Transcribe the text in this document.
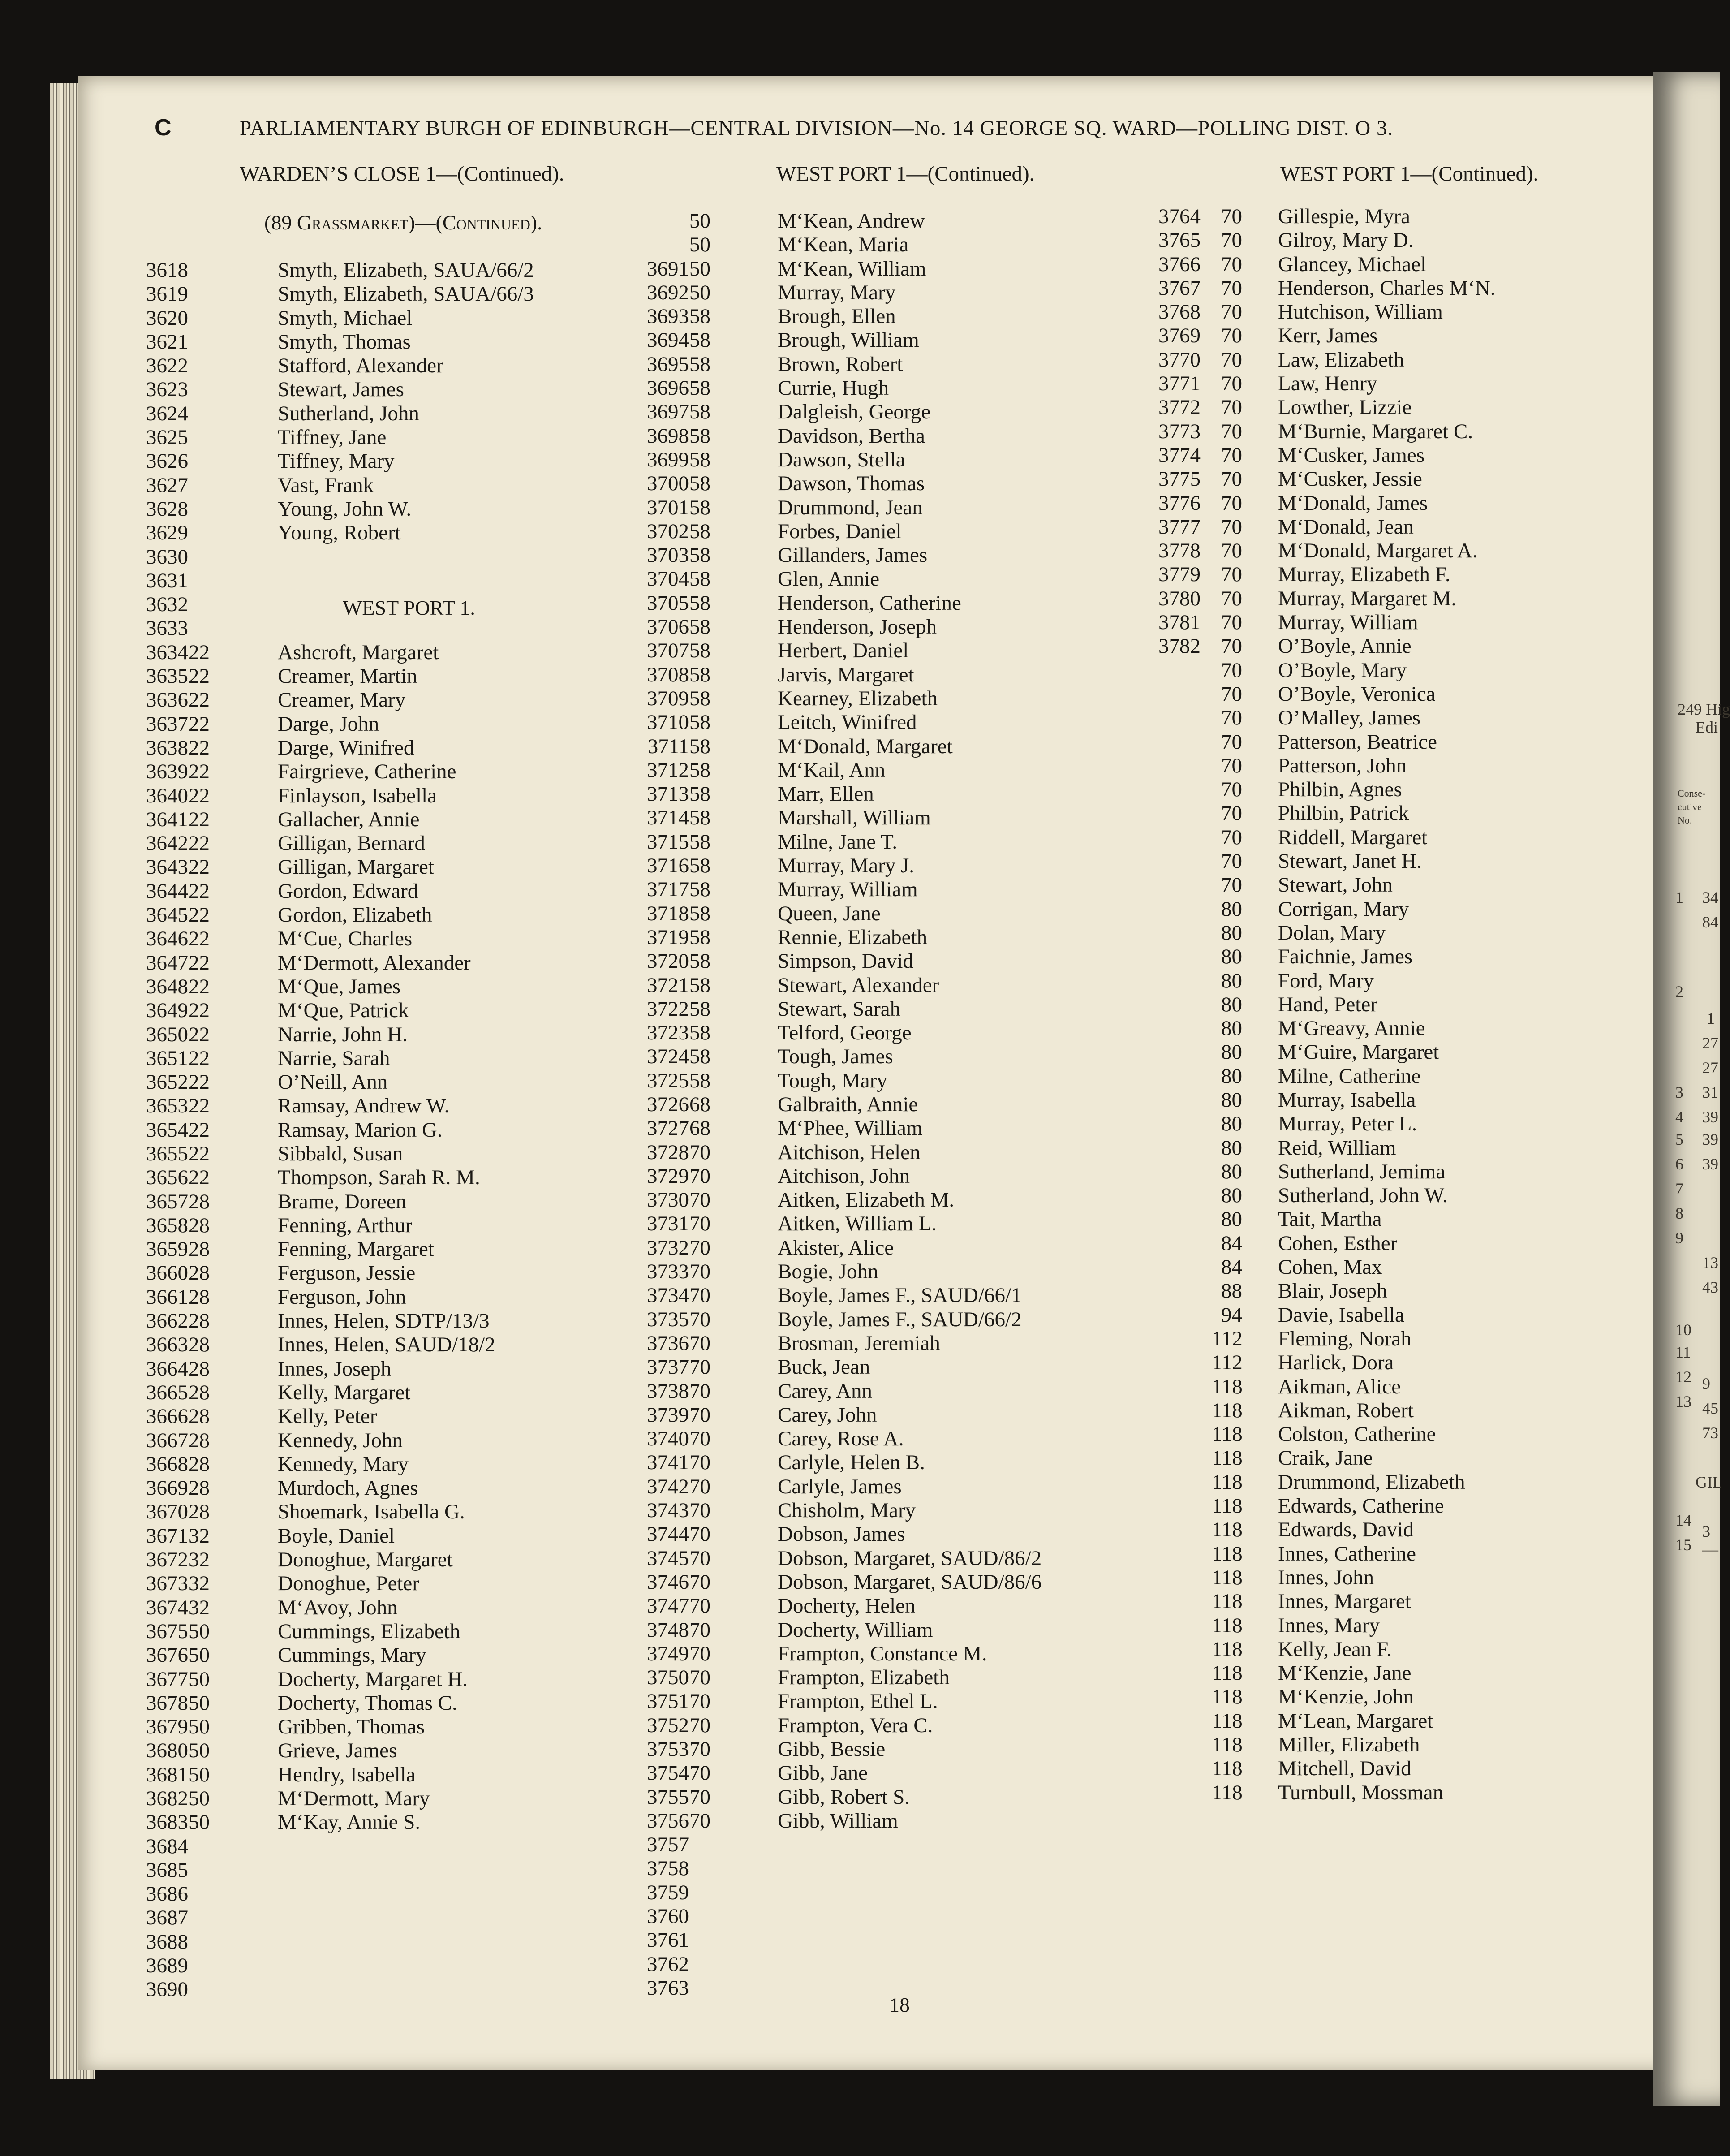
249 Hig
Edi
Conse-
cutive
No.
1 34
84
2
1
27
27
3 31
4 39
5 39
6 39
7
8
9
13
43
10
11
12 9
13 45
73
GIL
14
3
15 —
C	PARLIAMENTARY BURGH OF EDINBURGH—CENTRAL DIVISION—No. 14 GEORGE SQ. WARD—POLLING DIST. O 3.
WARDEN’S CLOSE 1—(Continued).	WEST PORT 1—(Continued).	WEST PORT 1—(Continued).
(89 Grassmarket)—(Continued).
WEST PORT 1.
3618	Smyth, Elizabeth, SAUA/66/2
3619	Smyth, Elizabeth, SAUA/66/3
3620	Smyth, Michael
3621	Smyth, Thomas
3622	Stafford, Alexander
3623	Stewart, James
3624	Sutherland, John
3625	Tiffney, Jane
3626	Tiffney, Mary
3627	Vast, Frank
3628	Young, John W.
3629	Young, Robert
3630
3631
3632
3633
3634 22	Ashcroft, Margaret
3635 22	Creamer, Martin
3636 22	Creamer, Mary
3637 22	Darge, John
3638 22	Darge, Winifred
3639 22	Fairgrieve, Catherine
3640 22	Finlayson, Isabella
3641 22	Gallacher, Annie
3642 22	Gilligan, Bernard
3643 22	Gilligan, Margaret
3644 22	Gordon, Edward
3645 22	Gordon, Elizabeth
3646 22	M‘Cue, Charles
3647 22	M‘Dermott, Alexander
3648 22	M‘Que, James
3649 22	M‘Que, Patrick
3650 22	Narrie, John H.
3651 22	Narrie, Sarah
3652 22	O’Neill, Ann
3653 22	Ramsay, Andrew W.
3654 22	Ramsay, Marion G.
3655 22	Sibbald, Susan
3656 22	Thompson, Sarah R. M.
3657 28	Brame, Doreen
3658 28	Fenning, Arthur
3659 28	Fenning, Margaret
3660 28	Ferguson, Jessie
3661 28	Ferguson, John
3662 28	Innes, Helen, SDTP/13/3
3663 28	Innes, Helen, SAUD/18/2
3664 28	Innes, Joseph
3665 28	Kelly, Margaret
3666 28	Kelly, Peter
3667 28	Kennedy, John
3668 28	Kennedy, Mary
3669 28	Murdoch, Agnes
3670 28	Shoemark, Isabella G.
3671 32	Boyle, Daniel
3672 32	Donoghue, Margaret
3673 32	Donoghue, Peter
3674 32	M‘Avoy, John
3675 50	Cummings, Elizabeth
3676 50	Cummings, Mary
3677 50	Docherty, Margaret H.
3678 50	Docherty, Thomas C.
3679 50	Gribben, Thomas
3680 50	Grieve, James
3681 50	Hendry, Isabella
3682 50	M‘Dermott, Mary
3683 50	M‘Kay, Annie S.
3684
3685
3686
3687
3688
3689
3690
50	M‘Kean, Andrew
50	M‘Kean, Maria
3691 50	M‘Kean, William
3692 50	Murray, Mary
3693 58	Brough, Ellen
3694 58	Brough, William
3695 58	Brown, Robert
3696 58	Currie, Hugh
3697 58	Dalgleish, George
3698 58	Davidson, Bertha
3699 58	Dawson, Stella
3700 58	Dawson, Thomas
3701 58	Drummond, Jean
3702 58	Forbes, Daniel
3703 58	Gillanders, James
3704 58	Glen, Annie
3705 58	Henderson, Catherine
3706 58	Henderson, Joseph
3707 58	Herbert, Daniel
3708 58	Jarvis, Margaret
3709 58	Kearney, Elizabeth
3710 58	Leitch, Winifred
3711 58	M‘Donald, Margaret
3712 58	M‘Kail, Ann
3713 58	Marr, Ellen
3714 58	Marshall, William
3715 58	Milne, Jane T.
3716 58	Murray, Mary J.
3717 58	Murray, William
3718 58	Queen, Jane
3719 58	Rennie, Elizabeth
3720 58	Simpson, David
3721 58	Stewart, Alexander
3722 58	Stewart, Sarah
3723 58	Telford, George
3724 58	Tough, James
3725 58	Tough, Mary
3726 68	Galbraith, Annie
3727 68	M‘Phee, William
3728 70	Aitchison, Helen
3729 70	Aitchison, John
3730 70	Aitken, Elizabeth M.
3731 70	Aitken, William L.
3732 70	Akister, Alice
3733 70	Bogie, John
3734 70	Boyle, James F., SAUD/66/1
3735 70	Boyle, James F., SAUD/66/2
3736 70	Brosman, Jeremiah
3737 70	Buck, Jean
3738 70	Carey, Ann
3739 70	Carey, John
3740 70	Carey, Rose A.
3741 70	Carlyle, Helen B.
3742 70	Carlyle, James
3743 70	Chisholm, Mary
3744 70	Dobson, James
3745 70	Dobson, Margaret, SAUD/86/2
3746 70	Dobson, Margaret, SAUD/86/6
3747 70	Docherty, Helen
3748 70	Docherty, William
3749 70	Frampton, Constance M.
3750 70	Frampton, Elizabeth
3751 70	Frampton, Ethel L.
3752 70	Frampton, Vera C.
3753 70	Gibb, Bessie
3754 70	Gibb, Jane
3755 70	Gibb, Robert S.
3756 70	Gibb, William
3757
3758
3759
3760
3761
3762
3763
3764 70 Gillespie, Myra
3765 70 Gilroy, Mary D.
3766 70 Glancey, Michael
3767 70 Henderson, Charles M‘N.
3768 70 Hutchison, William
3769 70 Kerr, James
3770 70 Law, Elizabeth
3771 70 Law, Henry
3772 70 Lowther, Lizzie
3773 70 M‘Burnie, Margaret C.
3774 70 M‘Cusker, James
3775 70 M‘Cusker, Jessie
3776 70 M‘Donald, James
3777 70 M‘Donald, Jean
3778 70 M‘Donald, Margaret A.
3779 70 Murray, Elizabeth F.
3780 70 Murray, Margaret M.
3781 70 Murray, William
3782 70 O’Boyle, Annie
70 O’Boyle, Mary
70 O’Boyle, Veronica
70 O’Malley, James
70 Patterson, Beatrice
70 Patterson, John
70 Philbin, Agnes
70 Philbin, Patrick
70 Riddell, Margaret
70 Stewart, Janet H.
70 Stewart, John
80 Corrigan, Mary
80 Dolan, Mary
80 Faichnie, James
80 Ford, Mary
80 Hand, Peter
80 M‘Greavy, Annie
80 M‘Guire, Margaret
80 Milne, Catherine
80 Murray, Isabella
80 Murray, Peter L.
80 Reid, William
80 Sutherland, Jemima
80 Sutherland, John W.
80 Tait, Martha
84 Cohen, Esther
84 Cohen, Max
88 Blair, Joseph
94 Davie, Isabella
112 Fleming, Norah
112 Harlick, Dora
118 Aikman, Alice
118 Aikman, Robert
118 Colston, Catherine
118 Craik, Jane
118 Drummond, Elizabeth
118 Edwards, Catherine
118 Edwards, David
118 Innes, Catherine
118 Innes, John
118 Innes, Margaret
118 Innes, Mary
118 Kelly, Jean F.
118 M‘Kenzie, Jane
118 M‘Kenzie, John
118 M‘Lean, Margaret
118 Miller, Elizabeth
118 Mitchell, David
118 Turnbull, Mossman
18
